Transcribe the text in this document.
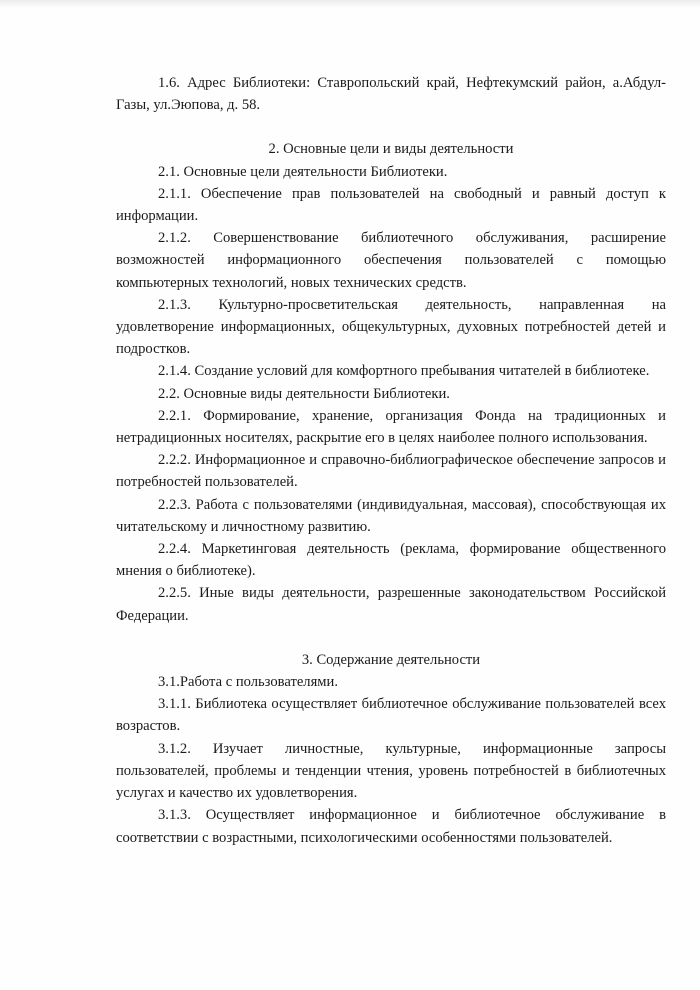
1.6. Адрес Библиотеки: Ставропольский край, Нефтекумский район, а.Абдул-Газы, ул.Эюпова, д. 58.

2. Основные цели и виды деятельности

2.1. Основные цели деятельности Библиотеки.

2.1.1. Обеспечение прав пользователей на свободный и равный доступ к информации.

2.1.2. Совершенствование библиотечного обслуживания, расширение возможностей информационного обеспечения пользователей с помощью компьютерных технологий, новых технических средств.

2.1.3. Культурно-просветительская деятельность, направленная на удовлетворение информационных, общекультурных, духовных потребностей детей и подростков.

2.1.4. Создание условий для комфортного пребывания читателей в библиотеке.

2.2. Основные виды деятельности Библиотеки.

2.2.1. Формирование, хранение, организация Фонда на традиционных и нетрадиционных носителях, раскрытие его в целях наиболее полного использования.

2.2.2. Информационное и справочно-библиографическое обеспечение запросов и потребностей пользователей.

2.2.3. Работа с пользователями (индивидуальная, массовая), способствующая их читательскому и личностному развитию.

2.2.4. Маркетинговая деятельность (реклама, формирование общественного мнения о библиотеке).

2.2.5. Иные виды деятельности, разрешенные законодательством Российской Федерации.

3. Содержание деятельности

3.1.Работа с пользователями.

3.1.1. Библиотека осуществляет библиотечное обслуживание пользователей всех возрастов.

3.1.2. Изучает личностные, культурные, информационные запросы пользователей, проблемы и тенденции чтения, уровень потребностей в библиотечных услугах и качество их удовлетворения.

3.1.3. Осуществляет информационное и библиотечное обслуживание в соответствии с возрастными, психологическими особенностями пользователей.
